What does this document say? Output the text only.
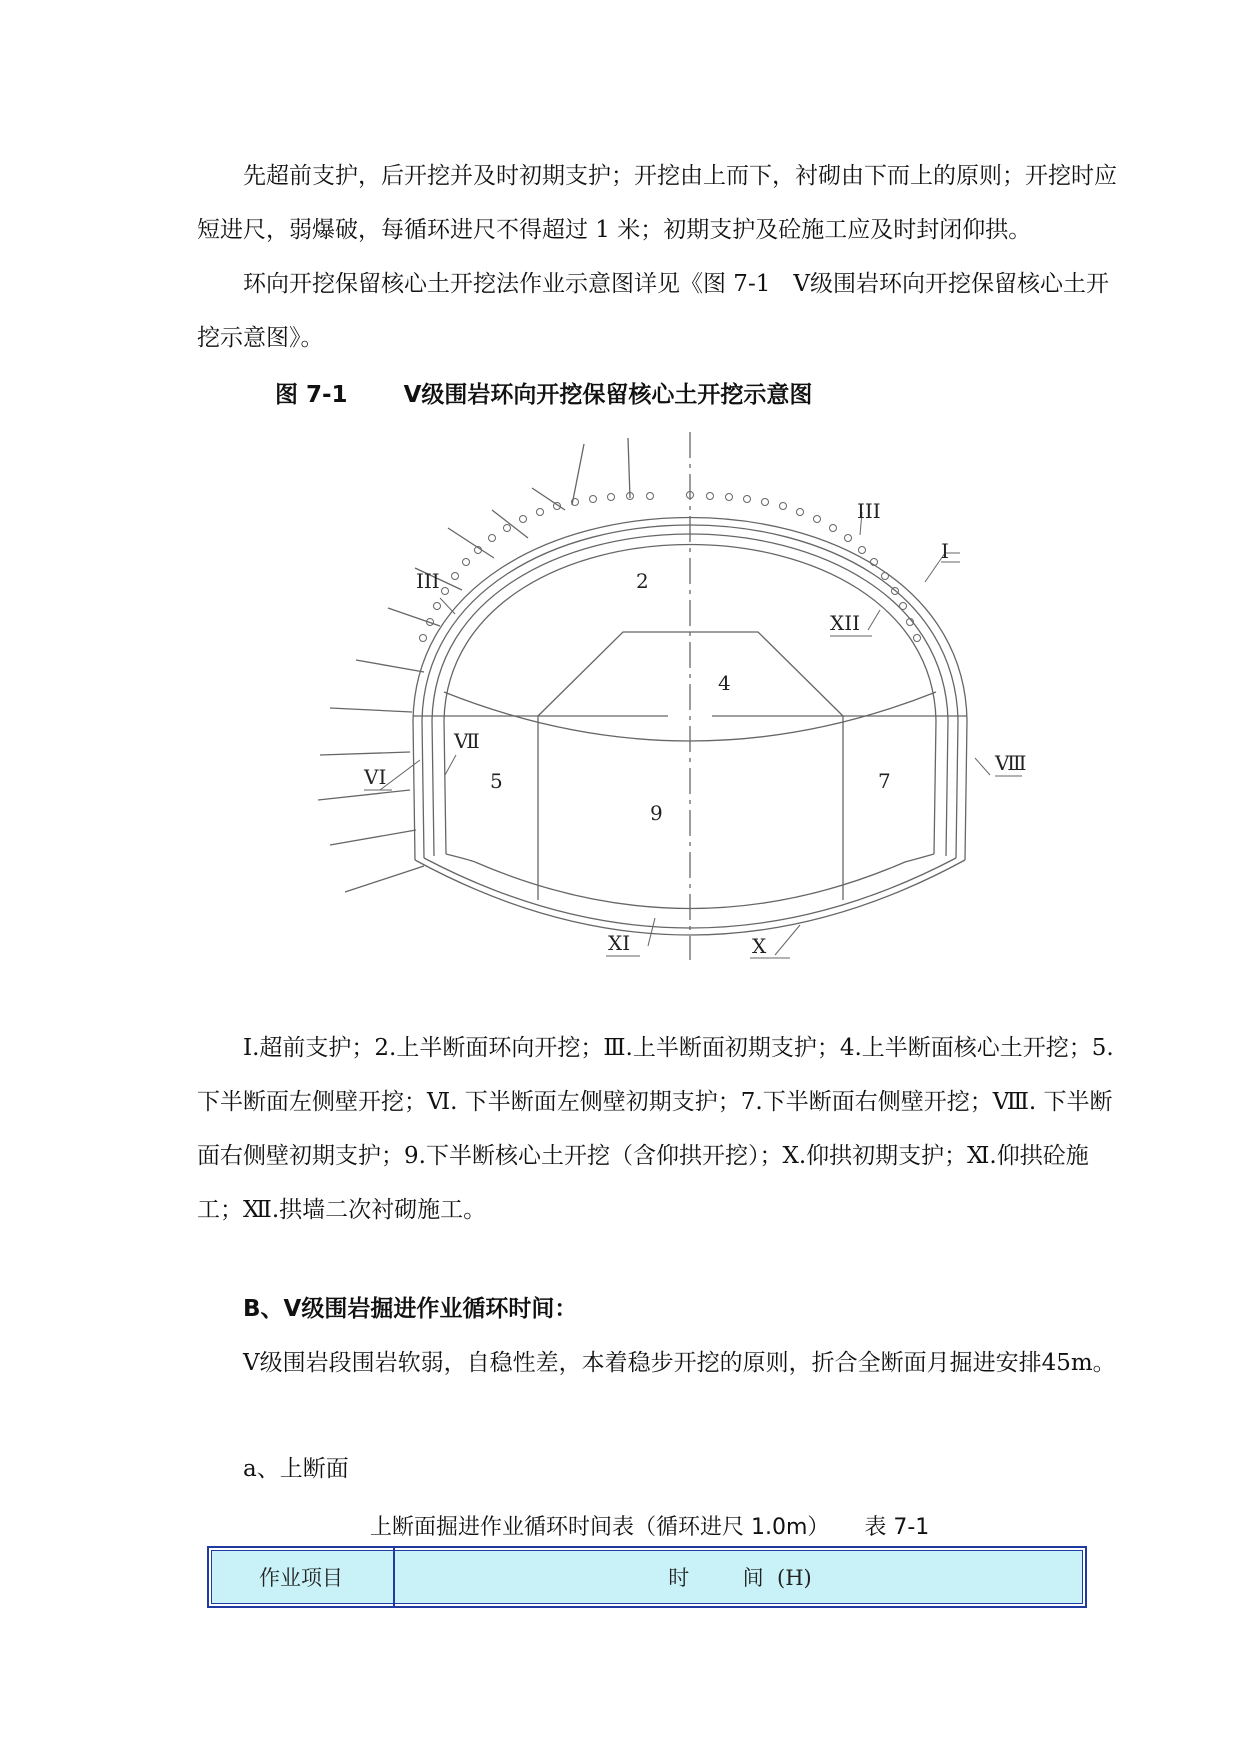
先超前支护，后开挖并及时初期支护；开挖由上而下，衬砌由下而上的原则；开挖时应短进尺，弱爆破，每循环进尺不得超过 1 米；初期支护及砼施工应及时封闭仰拱。

环向开挖保留核心土开挖法作业示意图详见《图 7-1　Ⅴ级围岩环向开挖保留核心土开挖示意图》。

图 7-1       Ⅴ级围岩环向开挖保留核心土开挖示意图
III
III
I
XII
Ⅶ
VI
Ⅷ
XI	X
2
4
5	7
9

Ⅰ.超前支护；2.上半断面环向开挖；Ⅲ.上半断面初期支护；4.上半断面核心土开挖；5.下半断面左侧壁开挖；Ⅵ. 下半断面左侧壁初期支护；7.下半断面右侧壁开挖；Ⅷ. 下半断面右侧壁初期支护；9.下半断核心土开挖（含仰拱开挖）；Ⅹ.仰拱初期支护；Ⅺ.仰拱砼施工；Ⅻ.拱墙二次衬砌施工。

B、Ⅴ级围岩掘进作业循环时间：

Ⅴ级围岩段围岩软弱，自稳性差，本着稳步开挖的原则，折合全断面月掘进安排45m。

a、上断面
上断面掘进作业循环时间表（循环进尺 1.0m）     表 7-1
作业项目	时        间  (H)
